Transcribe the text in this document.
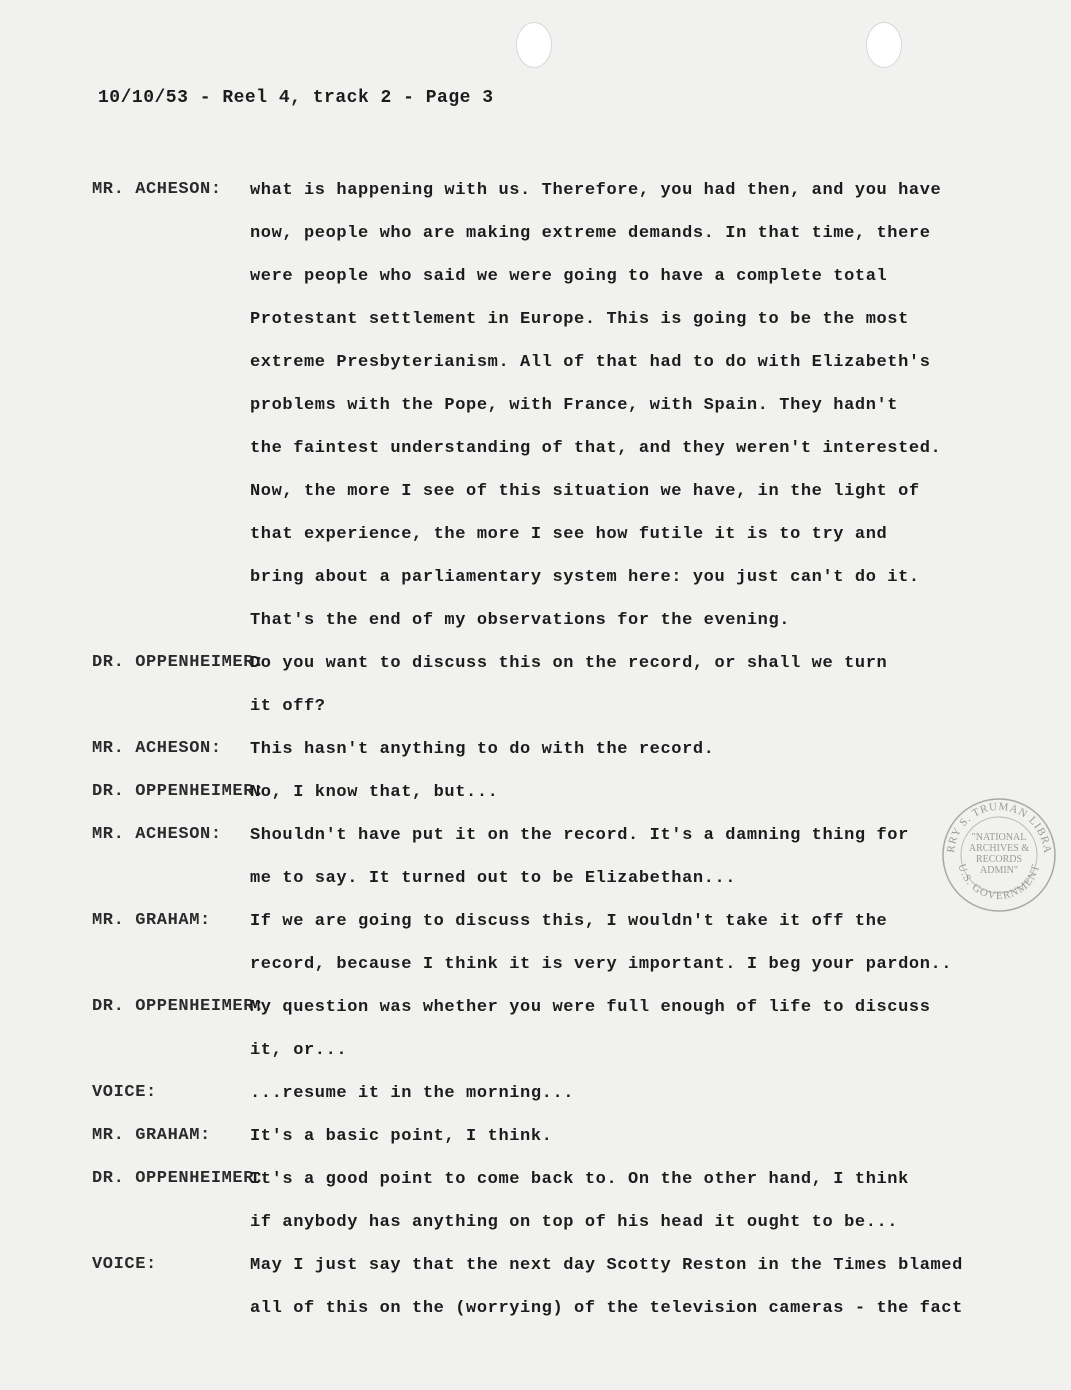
10/10/53 - Reel 4, track 2 - Page 3
MR. ACHESON: what is happening with us. Therefore, you had then, and you have
now, people who are making extreme demands. In that time, there
were people who said we were going to have a complete total
Protestant settlement in Europe. This is going to be the most
extreme Presbyterianism. All of that had to do with Elizabeth's
problems with the Pope, with France, with Spain. They hadn't
the faintest understanding of that, and they weren't interested.
Now, the more I see of this situation we have, in the light of
that experience, the more I see how futile it is to try and
bring about a parliamentary system here: you just can't do it.
That's the end of my observations for the evening.
DR. OPPENHEIMER:
Do you want to discuss this on the record, or shall we turn
it off?
MR. ACHESON: This hasn't anything to do with the record.
DR. OPPENHEIMER:
No, I know that, but...
MR. ACHESON: Shouldn't have put it on the record. It's a damning thing for
me to say. It turned out to be Elizabethan...
MR. GRAHAM: If we are going to discuss this, I wouldn't take it off the
record, because I think it is very important. I beg your pardon..
DR. OPPENHEIMER:
My question was whether you were full enough of life to discuss
it, or...
VOICE:	...resume it in the morning...
MR. GRAHAM: It's a basic point, I think.
DR. OPPENHEIMER:
It's a good point to come back to. On the other hand, I think
if anybody has anything on top of his head it ought to be...
VOICE:	May I just say that the next day Scotty Reston in the Times blamed
all of this on the (worrying) of the television cameras - the fact
RRY S. TRUMAN LIBRA
U.S. GOVERNMENT
"NATIONAL
ARCHIVES &
RECORDS
ADMIN"
